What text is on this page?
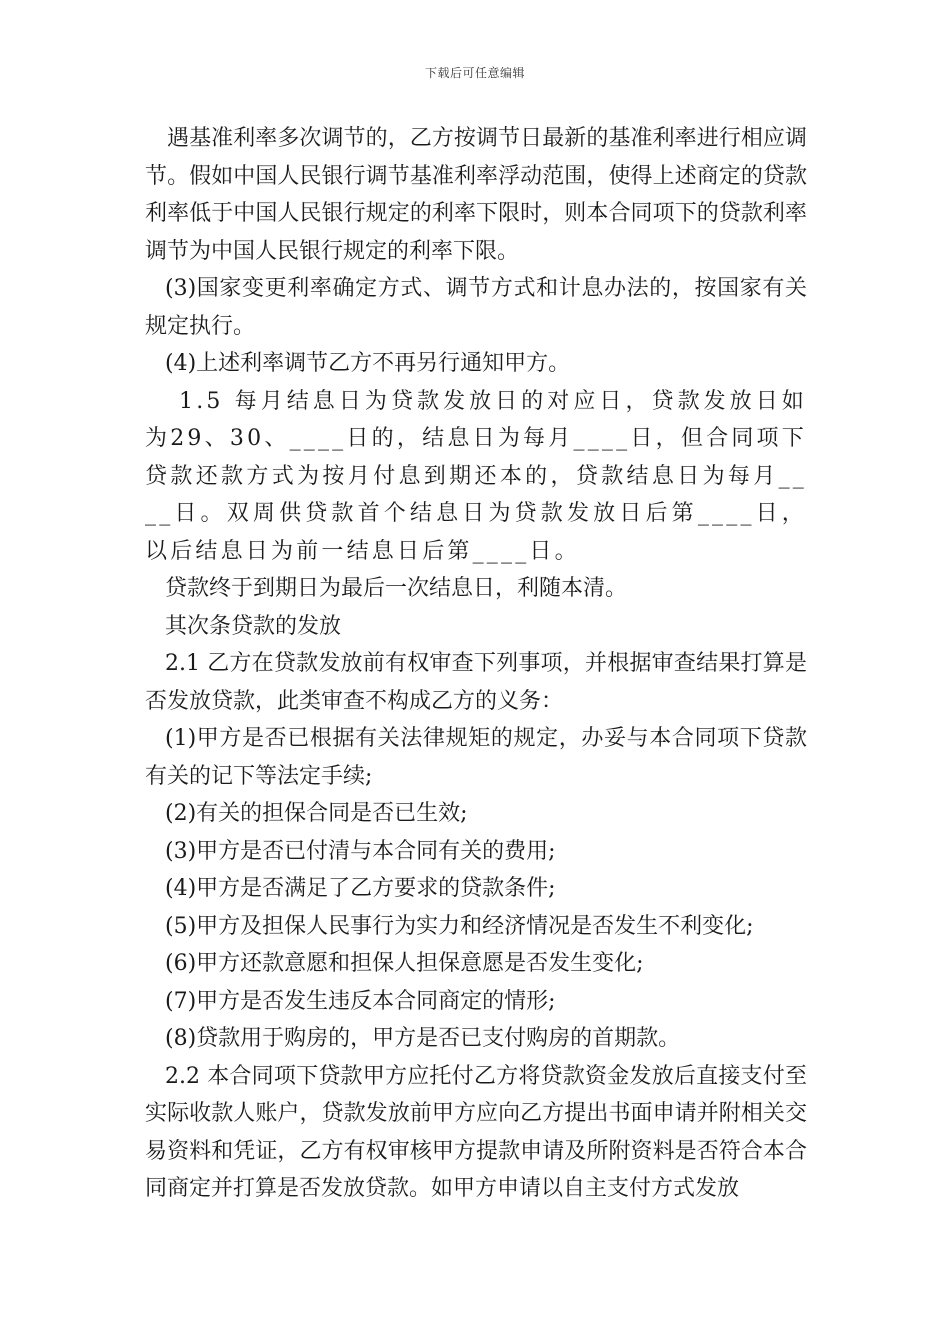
下载后可任意编辑

遇基准利率多次调节的，乙方按调节日最新的基准利率进行相应调节。假如中国人民银行调节基准利率浮动范围，使得上述商定的贷款利率低于中国人民银行规定的利率下限时，则本合同项下的贷款利率调节为中国人民银行规定的利率下限。

(3)国家变更利率确定方式、调节方式和计息办法的，按国家有关规定执行。

(4)上述利率调节乙方不再另行通知甲方。

1.5 每月结息日为贷款发放日的对应日，贷款发放日如为29、30、____日的，结息日为每月____日，但合同项下贷款还款方式为按月付息到期还本的，贷款结息日为每月____日。双周供贷款首个结息日为贷款发放日后第____日，以后结息日为前一结息日后第____日。

贷款终于到期日为最后一次结息日，利随本清。

其次条贷款的发放

2.1 乙方在贷款发放前有权审查下列事项，并根据审查结果打算是否发放贷款，此类审查不构成乙方的义务：

(1)甲方是否已根据有关法律规矩的规定，办妥与本合同项下贷款有关的记下等法定手续;

(2)有关的担保合同是否已生效;

(3)甲方是否已付清与本合同有关的费用;

(4)甲方是否满足了乙方要求的贷款条件;

(5)甲方及担保人民事行为实力和经济情况是否发生不利变化;

(6)甲方还款意愿和担保人担保意愿是否发生变化;

(7)甲方是否发生违反本合同商定的情形;

(8)贷款用于购房的，甲方是否已支付购房的首期款。

2.2 本合同项下贷款甲方应托付乙方将贷款资金发放后直接支付至实际收款人账户，贷款发放前甲方应向乙方提出书面申请并附相关交易资料和凭证，乙方有权审核甲方提款申请及所附资料是否符合本合同商定并打算是否发放贷款。如甲方申请以自主支付方式发放
